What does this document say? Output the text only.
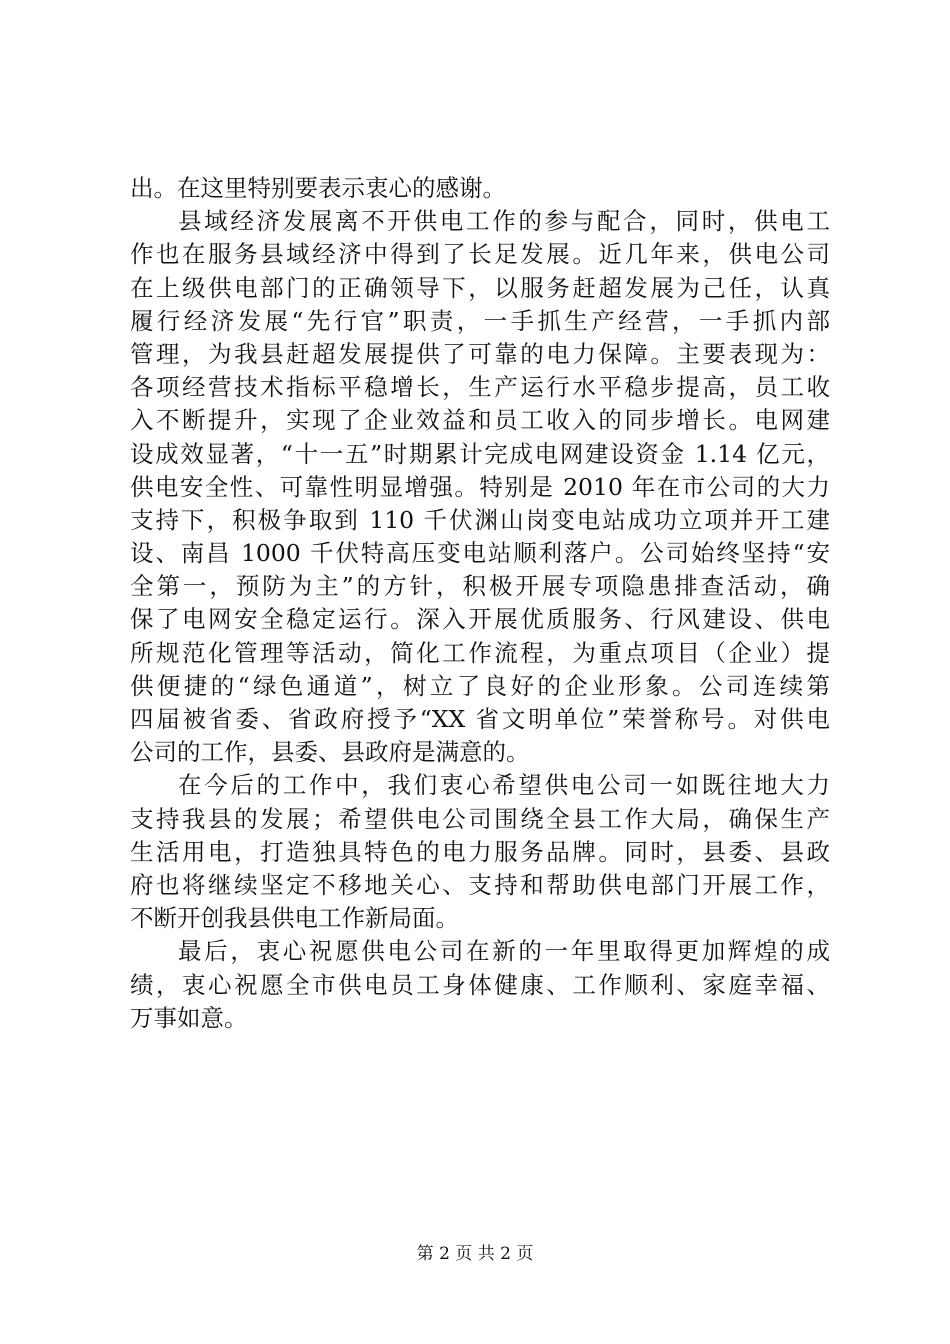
出。在这里特别要表示衷心的感谢。
县域经济发展离不开供电工作的参与配合，同时，供电工
作也在服务县域经济中得到了长足发展。近几年来，供电公司
在上级供电部门的正确领导下，以服务赶超发展为己任，认真
履行经济发展“先行官”职责，一手抓生产经营，一手抓内部
管理，为我县赶超发展提供了可靠的电力保障。主要表现为：
各项经营技术指标平稳增长，生产运行水平稳步提高，员工收
入不断提升，实现了企业效益和员工收入的同步增长。电网建
设成效显著，“十一五”时期累计完成电网建设资金 1.14 亿元，
供电安全性、可靠性明显增强。特别是 2010 年在市公司的大力
支持下，积极争取到 110 千伏渊山岗变电站成功立项并开工建
设、南昌 1000 千伏特高压变电站顺利落户。公司始终坚持“安
全第一，预防为主”的方针，积极开展专项隐患排查活动，确
保了电网安全稳定运行。深入开展优质服务、行风建设、供电
所规范化管理等活动，简化工作流程，为重点项目（企业）提
供便捷的“绿色通道”，树立了良好的企业形象。公司连续第
四届被省委、省政府授予“XX 省文明单位”荣誉称号。对供电
公司的工作，县委、县政府是满意的。
在今后的工作中，我们衷心希望供电公司一如既往地大力
支持我县的发展；希望供电公司围绕全县工作大局，确保生产
生活用电，打造独具特色的电力服务品牌。同时，县委、县政
府也将继续坚定不移地关心、支持和帮助供电部门开展工作，
不断开创我县供电工作新局面。
最后，衷心祝愿供电公司在新的一年里取得更加辉煌的成
绩，衷心祝愿全市供电员工身体健康、工作顺利、家庭幸福、
万事如意。
第 2 页 共 2 页
